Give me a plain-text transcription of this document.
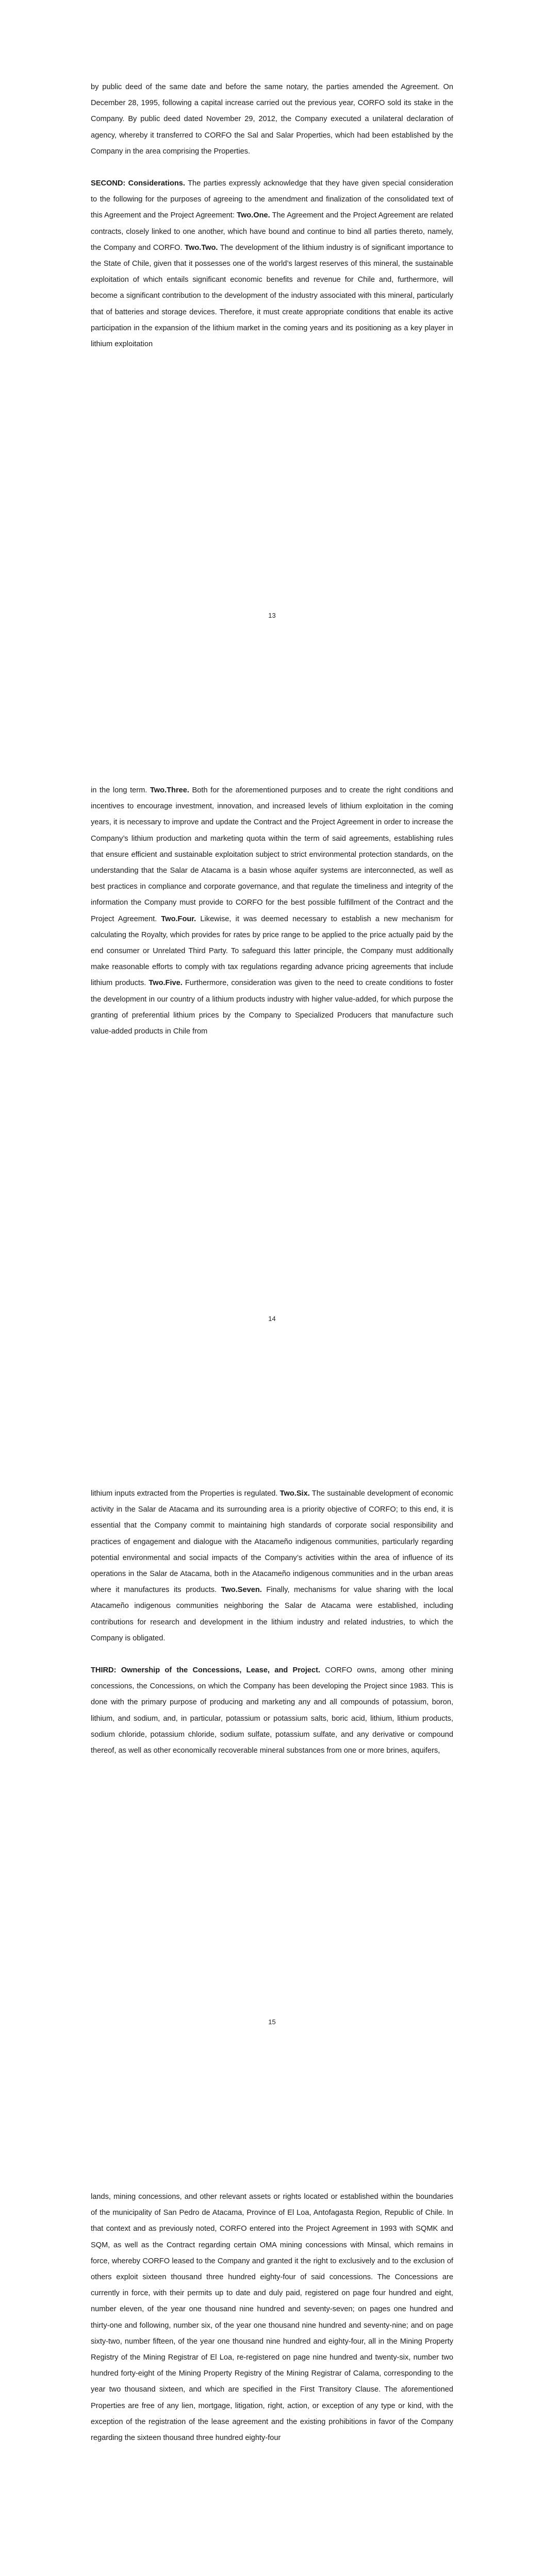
by public deed of the same date and before the same notary, the parties amended the Agreement. On December 28, 1995, following a capital increase carried out the previous year, CORFO sold its stake in the Company. By public deed dated November 29, 2012, the Company executed a unilateral declaration of agency, whereby it transferred to CORFO the Sal and Salar Properties, which had been established by the Company in the area comprising the Properties.

SECOND: Considerations. The parties expressly acknowledge that they have given special consideration to the following for the purposes of agreeing to the amendment and finalization of the consolidated text of this Agreement and the Project Agreement: Two.One. The Agreement and the Project Agreement are related contracts, closely linked to one another, which have bound and continue to bind all parties thereto, namely, the Company and CORFO. Two.Two. The development of the lithium industry is of significant importance to the State of Chile, given that it possesses one of the world’s largest reserves of this mineral, the sustainable exploitation of which entails significant economic benefits and revenue for Chile and, furthermore, will become a significant contribution to the development of the industry associated with this mineral, particularly that of batteries and storage devices. Therefore, it must create appropriate conditions that enable its active participation in the expansion of the lithium market in the coming years and its positioning as a key player in lithium exploitation

13

in the long term. Two.Three. Both for the aforementioned purposes and to create the right conditions and incentives to encourage investment, innovation, and increased levels of lithium exploitation in the coming years, it is necessary to improve and update the Contract and the Project Agreement in order to increase the Company’s lithium production and marketing quota within the term of said agreements, establishing rules that ensure efficient and sustainable exploitation subject to strict environmental protection standards, on the understanding that the Salar de Atacama is a basin whose aquifer systems are interconnected, as well as best practices in compliance and corporate governance, and that regulate the timeliness and integrity of the information the Company must provide to CORFO for the best possible fulfillment of the Contract and the Project Agreement. Two.Four. Likewise, it was deemed necessary to establish a new mechanism for calculating the Royalty, which provides for rates by price range to be applied to the price actually paid by the end consumer or Unrelated Third Party. To safeguard this latter principle, the Company must additionally make reasonable efforts to comply with tax regulations regarding advance pricing agreements that include lithium products. Two.Five. Furthermore, consideration was given to the need to create conditions to foster the development in our country of a lithium products industry with higher value-added, for which purpose the granting of preferential lithium prices by the Company to Specialized Producers that manufacture such value-added products in Chile from

14

lithium inputs extracted from the Properties is regulated. Two.Six. The sustainable development of economic activity in the Salar de Atacama and its surrounding area is a priority objective of CORFO; to this end, it is essential that the Company commit to maintaining high standards of corporate social responsibility and practices of engagement and dialogue with the Atacameño indigenous communities, particularly regarding potential environmental and social impacts of the Company’s activities within the area of influence of its operations in the Salar de Atacama, both in the Atacameño indigenous communities and in the urban areas where it manufactures its products. Two.Seven. Finally, mechanisms for value sharing with the local Atacameño indigenous communities neighboring the Salar de Atacama were established, including contributions for research and development in the lithium industry and related industries, to which the Company is obligated.

THIRD: Ownership of the Concessions, Lease, and Project. CORFO owns, among other mining concessions, the Concessions, on which the Company has been developing the Project since 1983. This is done with the primary purpose of producing and marketing any and all compounds of potassium, boron, lithium, and sodium, and, in particular, potassium or potassium salts, boric acid, lithium, lithium products, sodium chloride, potassium chloride, sodium sulfate, potassium sulfate, and any derivative or compound thereof, as well as other economically recoverable mineral substances from one or more brines, aquifers,

15

lands, mining concessions, and other relevant assets or rights located or established within the boundaries of the municipality of San Pedro de Atacama, Province of El Loa, Antofagasta Region, Republic of Chile. In that context and as previously noted, CORFO entered into the Project Agreement in 1993 with SQMK and SQM, as well as the Contract regarding certain OMA mining concessions with Minsal, which remains in force, whereby CORFO leased to the Company and granted it the right to exclusively and to the exclusion of others exploit sixteen thousand three hundred eighty-four of said concessions. The Concessions are currently in force, with their permits up to date and duly paid, registered on page four hundred and eight, number eleven, of the year one thousand nine hundred and seventy-seven; on pages one hundred and thirty-one and following, number six, of the year one thousand nine hundred and seventy-nine; and on page sixty-two, number fifteen, of the year one thousand nine hundred and eighty-four, all in the Mining Property Registry of the Mining Registrar of El Loa, re-registered on page nine hundred and twenty-six, number two hundred forty-eight of the Mining Property Registry of the Mining Registrar of Calama, corresponding to the year two thousand sixteen, and which are specified in the First Transitory Clause. The aforementioned Properties are free of any lien, mortgage, litigation, right, action, or exception of any type or kind, with the exception of the registration of the lease agreement and the existing prohibitions in favor of the Company regarding the sixteen thousand three hundred eighty-four
